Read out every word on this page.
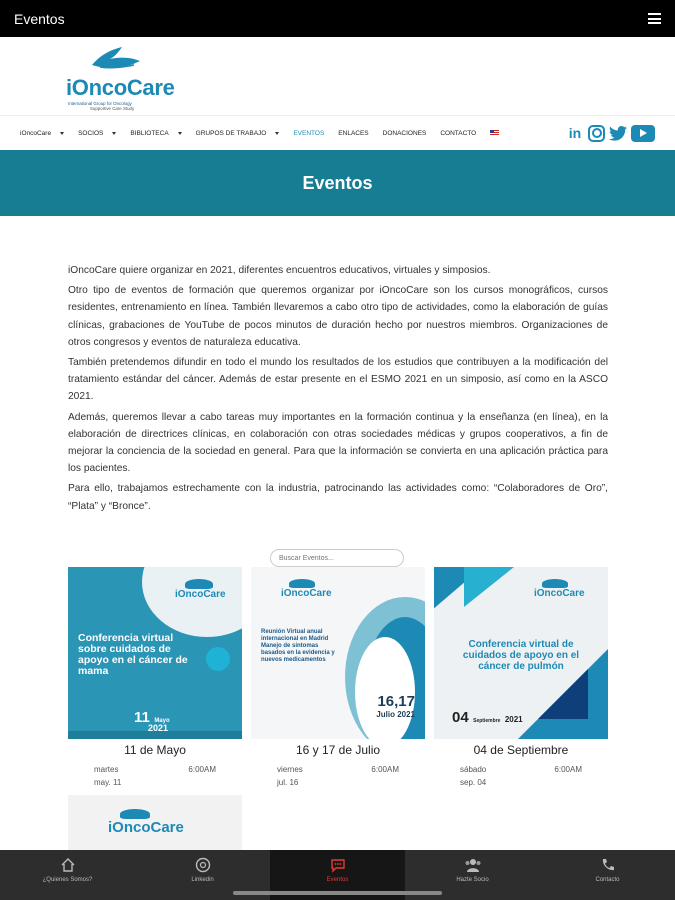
Eventos
iOncoCare
International Group for Oncology
Supportive Care Study
iOncoCare	SOCIOS	BIBLIOTECA	GRUPOS DE TRABAJO	EVENTOS ENLACES DONACIONES CONTACTO	in
Eventos

iOncoCare quiere organizar en 2021, diferentes encuentros educativos, virtuales y simposios.

Otro tipo de eventos de formación que queremos organizar por iOncoCare son los cursos monográficos, cursos residentes, entrenamiento en línea. También llevaremos a cabo otro tipo de actividades, como la elaboración de guías clínicas, grabaciones de YouTube de pocos minutos de duración hecho por nuestros miembros. Organizaciones de otros congresos y eventos de naturaleza educativa.

También pretendemos difundir en todo el mundo los resultados de los estudios que contribuyen a la modificación del tratamiento estándar del cáncer. Además de estar presente en el ESMO 2021 en un simposio, así como en la ASCO 2021.

Además, queremos llevar a cabo tareas muy importantes en la formación continua y la enseñanza (en línea), en la elaboración de directrices clínicas, en colaboración con otras sociedades médicas y grupos cooperativos, a fin de mejorar la conciencia de la sociedad en general. Para que la información se convierta en una aplicación práctica para los pacientes.

Para ello, trabajamos estrechamente con la industria, patrocinando las actividades como: “Colaboradores de Oro”, “Plata” y “Bronce”.

Buscar Eventos...
iOncoCare
Conferencia virtual sobre cuidados de apoyo en el cáncer de mama
11 Mayo
2021
11 de Mayo
martes	6:00AM
may. 11
iOncoCare
Reunión Virtual anual internacional en Madrid Manejo de síntomas basados en la evidencia y nuevos medicamentos
16,17
Julio 2021
16 y 17 de Julio
viernes	6:00AM
jul. 16
iOncoCare
Conferencia virtual de cuidados de apoyo en el cáncer de pulmón
04 Septiembre 2021
04 de Septiembre
sábado	6:00AM
sep. 04
iOncoCare
¿Quienes Somos?	Linkedin	Eventos	Hazte Socio	Contacto
